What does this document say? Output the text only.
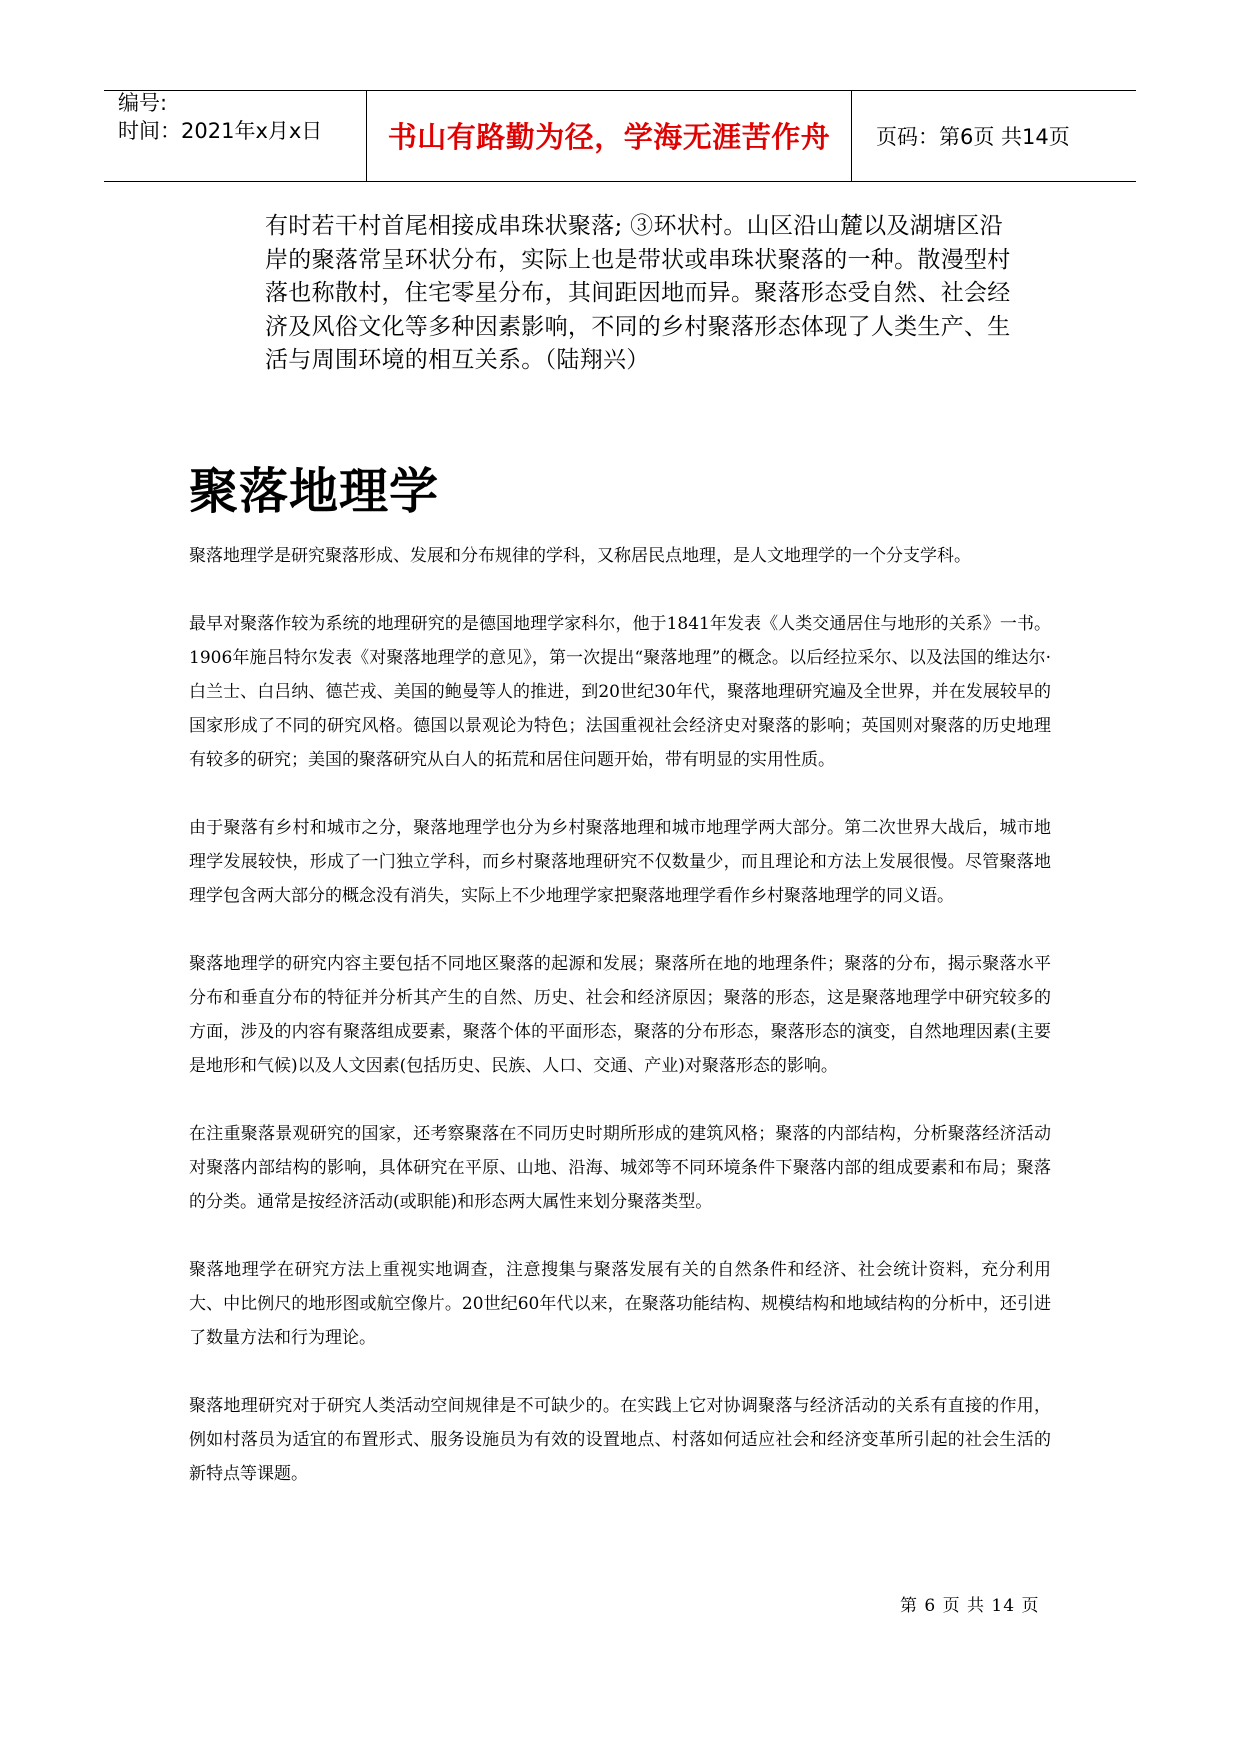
编号:
时间：2021年x月x日	书山有路勤为径，学海无涯苦作舟	页码：第6页 共14页

有时若干村首尾相接成串珠状聚落; ③环状村。山区沿山麓以及湖塘区沿

岸的聚落常呈环状分布，实际上也是带状或串珠状聚落的一种。散漫型村

落也称散村，住宅零星分布，其间距因地而异。聚落形态受自然、社会经

济及风俗文化等多种因素影响，不同的乡村聚落形态体现了人类生产、生

活与周围环境的相互关系。（陆翔兴）

聚落地理学

聚落地理学是研究聚落形成、发展和分布规律的学科，又称居民点地理，是人文地理学的一个分支学科。

最早对聚落作较为系统的地理研究的是德国地理学家科尔，他于1841年发表《人类交通居住与地形的关系》一书。1906年施吕特尔发表《对聚落地理学的意见》，第一次提出“聚落地理”的概念。以后经拉采尔、以及法国的维达尔·白兰士、白吕纳、德芒戎、美国的鲍曼等人的推进，到20世纪30年代，聚落地理研究遍及全世界，并在发展较早的国家形成了不同的研究风格。德国以景观论为特色；法国重视社会经济史对聚落的影响；英国则对聚落的历史地理有较多的研究；美国的聚落研究从白人的拓荒和居住问题开始，带有明显的实用性质。

由于聚落有乡村和城市之分，聚落地理学也分为乡村聚落地理和城市地理学两大部分。第二次世界大战后，城市地理学发展较快，形成了一门独立学科，而乡村聚落地理研究不仅数量少，而且理论和方法上发展很慢。尽管聚落地理学包含两大部分的概念没有消失，实际上不少地理学家把聚落地理学看作乡村聚落地理学的同义语。

聚落地理学的研究内容主要包括不同地区聚落的起源和发展；聚落所在地的地理条件；聚落的分布，揭示聚落水平分布和垂直分布的特征并分析其产生的自然、历史、社会和经济原因；聚落的形态，这是聚落地理学中研究较多的方面，涉及的内容有聚落组成要素，聚落个体的平面形态，聚落的分布形态，聚落形态的演变，自然地理因素(主要是地形和气候)以及人文因素(包括历史、民族、人口、交通、产业)对聚落形态的影响。

在注重聚落景观研究的国家，还考察聚落在不同历史时期所形成的建筑风格；聚落的内部结构，分析聚落经济活动对聚落内部结构的影响，具体研究在平原、山地、沿海、城郊等不同环境条件下聚落内部的组成要素和布局；聚落的分类。通常是按经济活动(或职能)和形态两大属性来划分聚落类型。

聚落地理学在研究方法上重视实地调查，注意搜集与聚落发展有关的自然条件和经济、社会统计资料，充分利用大、中比例尺的地形图或航空像片。20世纪60年代以来，在聚落功能结构、规模结构和地域结构的分析中，还引进了数量方法和行为理论。

聚落地理研究对于研究人类活动空间规律是不可缺少的。在实践上它对协调聚落与经济活动的关系有直接的作用，例如村落员为适宜的布置形式、服务设施员为有效的设置地点、村落如何适应社会和经济变革所引起的社会生活的新特点等课题。

第 6 页 共 14 页
